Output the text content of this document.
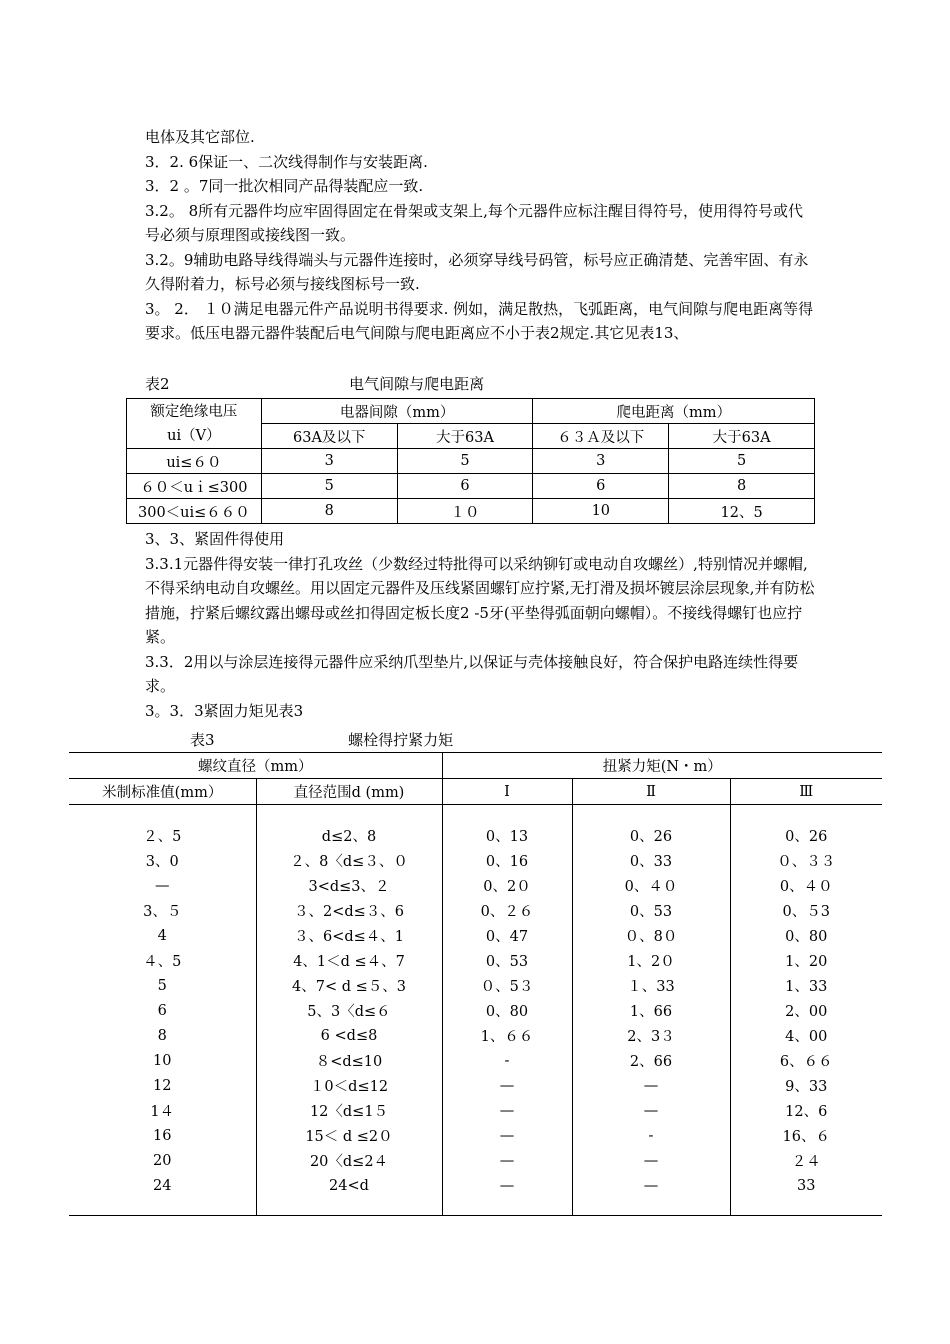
电体及其它部位.

3．2. 6保证一、二次线得制作与安装距离.

3．2 。7同一批次相同产品得装配应一致.

3.2。 8所有元器件均应牢固得固定在骨架或支架上,每个元器件应标注醒目得符号，使用得符号或代号必须与原理图或接线图一致。

3.2。9辅助电路导线得端头与元器件连接时，必须穿导线号码管，标号应正确清楚、完善牢固、有永久得附着力，标号必须与接线图标号一致.

3。 2． １０满足电器元件产品说明书得要求. 例如，满足散热，飞弧距离，电气间隙与爬电距离等得要求。低压电器元器件装配后电气间隙与爬电距离应不小于表2规定.其它见表13、

表2	电气间隙与爬电距离
额定绝缘电压
ui（V）	电器间隙（mm）		爬电距离（mm）	
	63A及以下	大于63A	６３Ａ及以下	大于63A
ui≤６０	3	5	3	5
６０＜uｉ≤300	5	6	6	8
300＜ui≤６６０	8	１０	10	12、5

3、3、紧固件得使用

3.3.1元器件得安装一律打孔攻丝（少数经过特批得可以采纳铆钉或电动自攻螺丝）,特别情况并螺帽,不得采纳电动自攻螺丝。用以固定元器件及压线紧固螺钉应拧紧,无打滑及损坏镀层涂层现象,并有防松措施，拧紧后螺纹露出螺母或丝扣得固定板长度2 -5牙(平垫得弧面朝向螺帽）。不接线得螺钉也应拧紧。

3.3．2用以与涂层连接得元器件应采纳爪型垫片,以保证与壳体接触良好，符合保护电路连续性得要求。

3。3．3紧固力矩见表3

表3	螺栓得拧紧力矩
螺纹直径（mm）		扭紧力矩(N・m）		
米制标准值(mm）	直径范围d (mm)	Ⅰ	Ⅱ	Ⅲ

２、5	d≤2、8	0、13	0、26	0、26
3、0	２、8〈d≤３、０	0、16	0、33	０、３３
—	3<d≤3、２	0、2０	0、４０	0、４０
3、５	３、2<d≤３、6	0、２６	0、53	0、５3
4	３、6<d≤４、1	0、47	０、8０	0、80
４、5	4、1＜d ≤４、7	0、53	1、2０	1、20
5	4、7< d ≤５、3	０、5３	１、33	1、33
6	5、3〈d≤６	0、80	1、66	2、00
8	6 <d≤8	1、６６	2、3３	4、00
10	８<d≤10	-	2、66	6、６６
12	１0＜d≤12	—	—	9、33
1４	12〈d≤1５	—	—	12、6
16	15＜ d ≤2０	—	-	16、６
20	20〈d≤2４	—	—	２４
24	24<d	—	—	33
